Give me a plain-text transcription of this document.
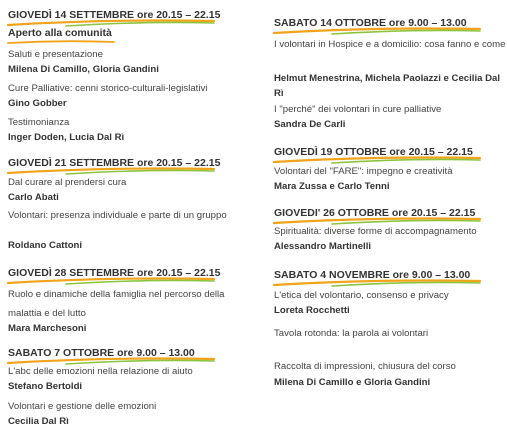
GIOVEDÌ 14 SETTEMBRE ore 20.15 – 22.15
Aperto alla comunità
Saluti e presentazione
Milena Di Camillo, Gloria Gandini
Cure Palliative: cenni storico-culturali-legislativi
Gino Gobber
Testimonianza
Inger Doden, Lucia Dal Rì
GIOVEDÌ 21 SETTEMBRE ore 20.15 – 22.15
Dal curare al prendersi cura
Carlo Abati
Volontari: presenza individuale e parte di un gruppo
Roldano Cattoni
GIOVEDÌ 28 SETTEMBRE ore 20.15 – 22.15
Ruolo e dinamiche della famiglia nel percorso della malattia e del lutto
Mara Marchesoni
SABATO 7 OTTOBRE ore 9.00 – 13.00
L'abc delle emozioni nella relazione di aiuto
Stefano Bertoldi
Volontari e gestione delle emozioni
Cecilia Dal Rì
SABATO 14 OTTOBRE ore 9.00 – 13.00
I volontari in Hospice e a domicilio: cosa fanno e come
Helmut Menestrina, Michela Paolazzi e Cecilia Dal Rì
I "perché" dei volontari in cure palliative
Sandra De Carli
GIOVEDÌ 19 OTTOBRE ore 20.15 – 22.15
Volontari del "FARE": impegno e creatività
Mara Zussa e Carlo Tenni
GIOVEDI' 26 OTTOBRE ore 20.15 – 22.15
Spiritualità: diverse forme di accompagnamento
Alessandro Martinelli
SABATO 4 NOVEMBRE ore 9.00 – 13.00
L'etica del volontario, consenso e privacy
Loreta Rocchetti
Tavola rotonda: la parola ai volontari
Raccolta di impressioni, chiusura del corso
Milena Di Camillo e Gloria Gandini
